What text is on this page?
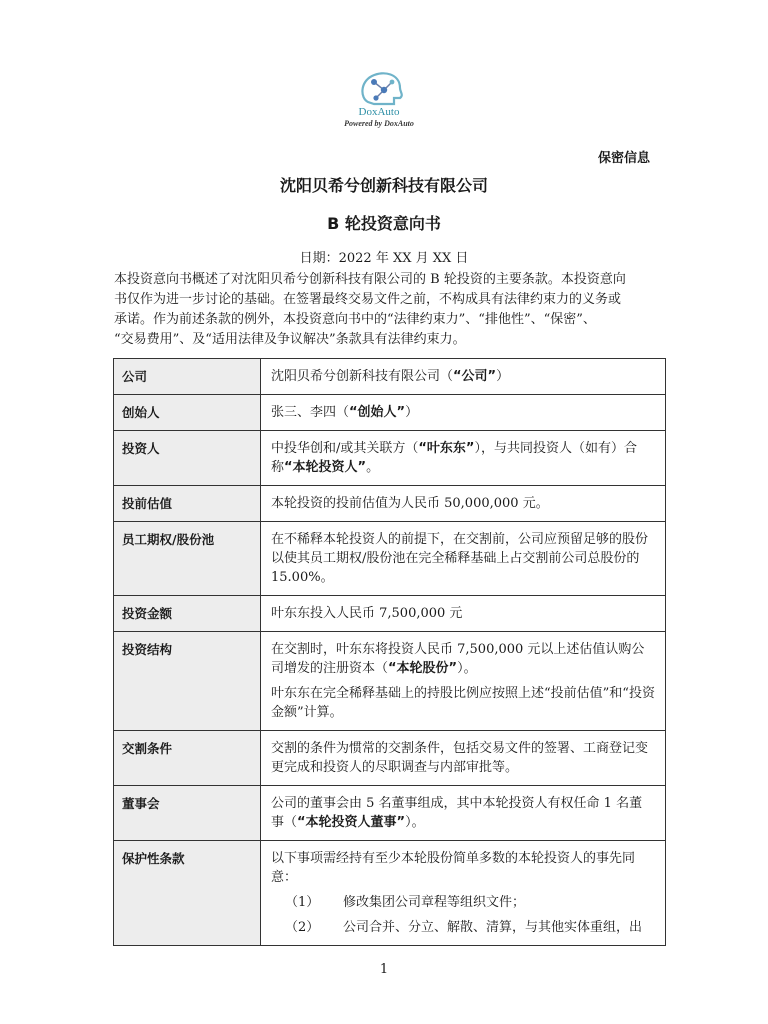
DoxAuto
Powered by DoxAuto
保密信息
沈阳贝希兮创新科技有限公司
B 轮投资意向书
日期：2022 年 XX 月 XX 日
本投资意向书概述了对沈阳贝希兮创新科技有限公司的 B 轮投资的主要条款。本投资意向
书仅作为进一步讨论的基础。在签署最终交易文件之前，不构成具有法律约束力的义务或
承诺。作为前述条款的例外，本投资意向书中的“法律约束力”、“排他性”、“保密”、
“交易费用”、及“适用法律及争议解决”条款具有法律约束力。
公司	沈阳贝希兮创新科技有限公司（“公司”）
创始人	张三、李四（“创始人”）
投资人	中投华创和/或其关联方（“叶东东”），与共同投资人（如有）合称“本轮投资人”。
投前估值	本轮投资的投前估值为人民币 50,000,000 元。
员工期权/股份池	在不稀释本轮投资人的前提下，在交割前，公司应预留足够的股份以使其员工期权/股份池在完全稀释基础上占交割前公司总股份的 15.00%。
投资金额	叶东东投入人民币 7,500,000 元
投资结构	在交割时，叶东东将投资人民币 7,500,000 元以上述估值认购公司增发的注册资本（“本轮股份”）。

叶东东在完全稀释基础上的持股比例应按照上述“投前估值”和“投资金额”计算。

交割条件	交割的条件为惯常的交割条件，包括交易文件的签署、工商登记变更完成和投资人的尽职调查与内部审批等。
董事会	公司的董事会由 5 名董事组成，其中本轮投资人有权任命 1 名董事（“本轮投资人董事”）。
保护性条款	以下事项需经持有至少本轮股份简单多数的本轮投资人的事先同意：

（1） 修改集团公司章程等组织文件；
（2） 公司合并、分立、解散、清算，与其他实体重组，出
1
